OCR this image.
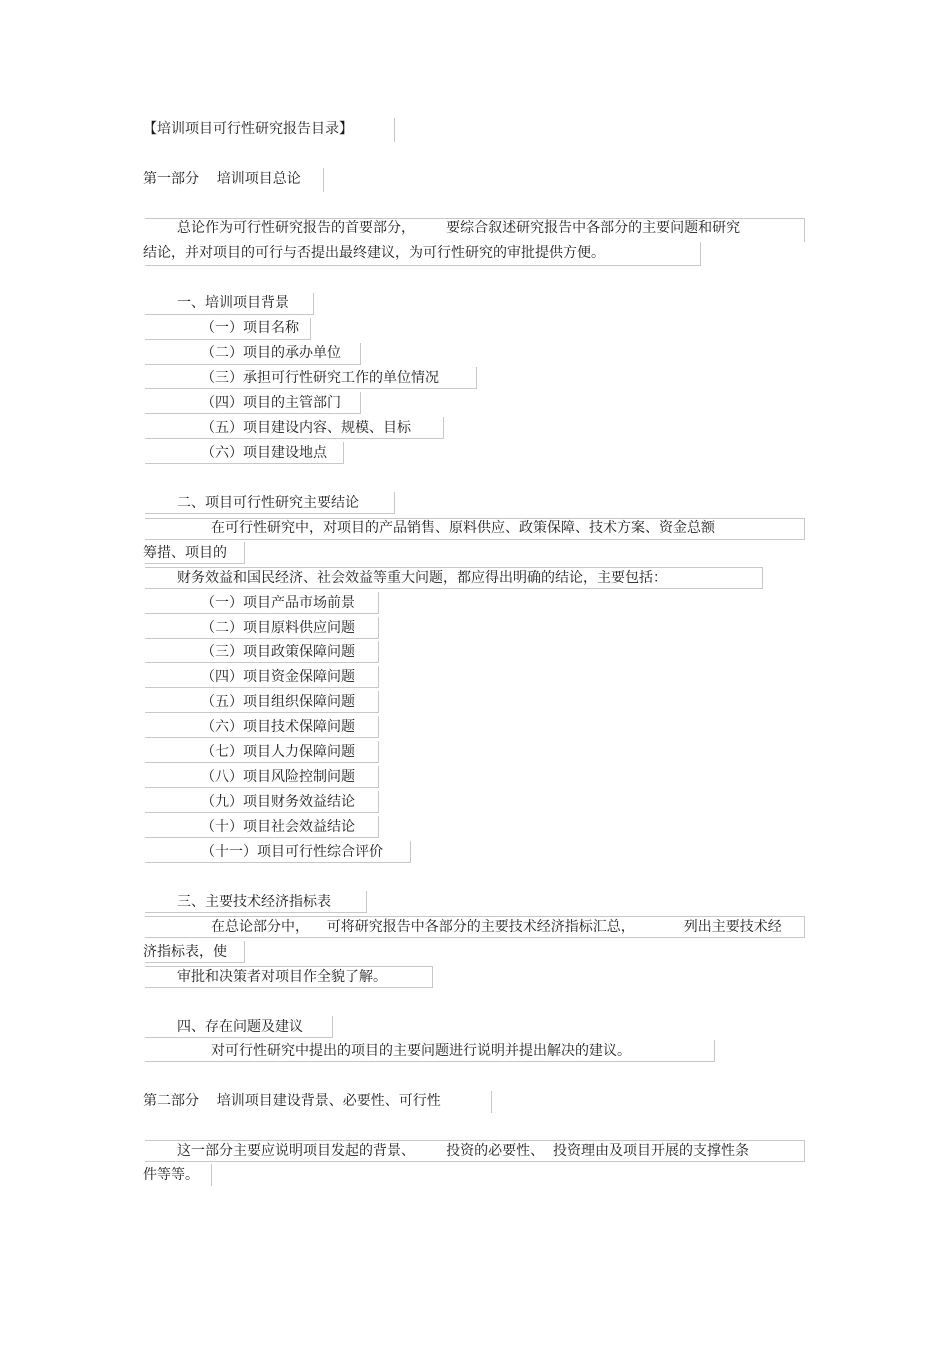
【培训项目可行性研究报告目录】
第一部分    培训项目总论
总论作为可行性研究报告的首要部分，       要综合叙述研究报告中各部分的主要问题和研究
结论，并对项目的可行与否提出最终建议，为可行性研究的审批提供方便。
一、培训项目背景
（一）项目名称
（二）项目的承办单位
（三）承担可行性研究工作的单位情况
（四）项目的主管部门
（五）项目建设内容、规模、目标
（六）项目建设地点
二、项目可行性研究主要结论
在可行性研究中，对项目的产品销售、原料供应、政策保障、技术方案、资金总额
筹措、项目的
财务效益和国民经济、社会效益等重大问题，都应得出明确的结论，主要包括：
（一）项目产品市场前景
（二）项目原料供应问题
（三）项目政策保障问题
（四）项目资金保障问题
（五）项目组织保障问题
（六）项目技术保障问题
（七）项目人力保障问题
（八）项目风险控制问题
（九）项目财务效益结论
（十）项目社会效益结论
（十一）项目可行性综合评价
三、主要技术经济指标表
在总论部分中，    可将研究报告中各部分的主要技术经济指标汇总，           列出主要技术经
济指标表，使
审批和决策者对项目作全貌了解。
四、存在问题及建议
对可行性研究中提出的项目的主要问题进行说明并提出解决的建议。
第二部分    培训项目建设背景、必要性、可行性
这一部分主要应说明项目发起的背景、       投资的必要性、  投资理由及项目开展的支撑性条
件等等。
